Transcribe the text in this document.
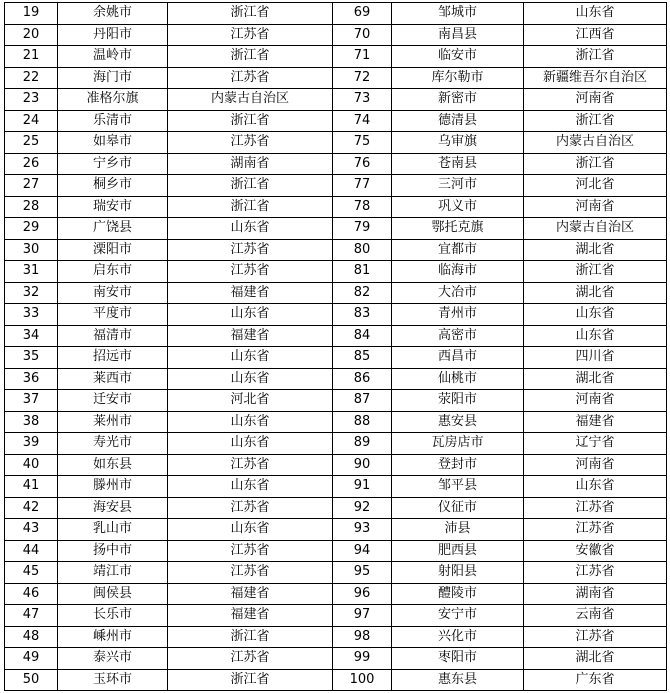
19	余姚市	浙江省	69	邹城市	山东省
20	丹阳市	江苏省	70	南昌县	江西省
21	温岭市	浙江省	71	临安市	浙江省
22	海门市	江苏省	72	库尔勒市	新疆维吾尔自治区
23	准格尔旗	内蒙古自治区	73	新密市	河南省
24	乐清市	浙江省	74	德清县	浙江省
25	如皋市	江苏省	75	乌审旗	内蒙古自治区
26	宁乡市	湖南省	76	苍南县	浙江省
27	桐乡市	浙江省	77	三河市	河北省
28	瑞安市	浙江省	78	巩义市	河南省
29	广饶县	山东省	79	鄂托克旗	内蒙古自治区
30	溧阳市	江苏省	80	宜都市	湖北省
31	启东市	江苏省	81	临海市	浙江省
32	南安市	福建省	82	大冶市	湖北省
33	平度市	山东省	83	青州市	山东省
34	福清市	福建省	84	高密市	山东省
35	招远市	山东省	85	西昌市	四川省
36	莱西市	山东省	86	仙桃市	湖北省
37	迁安市	河北省	87	荥阳市	河南省
38	莱州市	山东省	88	惠安县	福建省
39	寿光市	山东省	89	瓦房店市	辽宁省
40	如东县	江苏省	90	登封市	河南省
41	滕州市	山东省	91	邹平县	山东省
42	海安县	江苏省	92	仪征市	江苏省
43	乳山市	山东省	93	沛县	江苏省
44	扬中市	江苏省	94	肥西县	安徽省
45	靖江市	江苏省	95	射阳县	江苏省
46	闽侯县	福建省	96	醴陵市	湖南省
47	长乐市	福建省	97	安宁市	云南省
48	嵊州市	浙江省	98	兴化市	江苏省
49	泰兴市	江苏省	99	枣阳市	湖北省
50	玉环市	浙江省	100	惠东县	广东省
